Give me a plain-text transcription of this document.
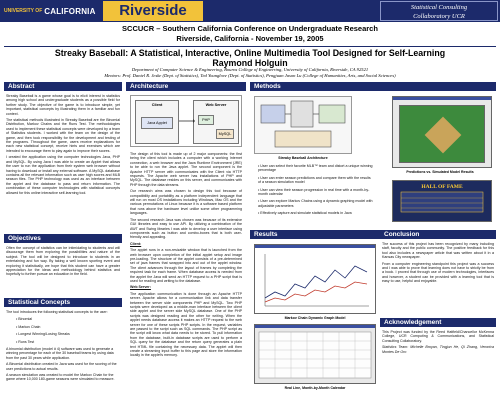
UNIVERSITY OF CALIFORNIA	Riverside	Statistical Consulting
Collaboratory UCR
SCCUCR – Southern California Conference on Undergraduate Research
Riverside, California - November 19, 2005
Streaky Baseball: A Statistical, Interactive, Online Multimedia Tool Designed for Self-Learning
Raymond Holguin
Department of Computer Science & Engineering, Bourns College of Engineering, University of California, Riverside, CA 92521
Mentors: Prof. Daniel R. Jeske (Dept. of Statistics), Ted Younglove (Dept. of Statistics), Pengjuan Jason Lu (College of Humanities, Arts, and Social Sciences)
Abstract

Streaky Baseball is a game whose goal is to elicit interest in statistics among high school and undergraduate students as a possible field for further study. The objective of the game is to introduce simple, yet important, statistical concepts by illustrating them in a familiar and fun context.

The statistical methods illustrated in Streaky Baseball are the Binomial Distribution, Markov Chains and the Runs Test. The methodologies used to implement these statistical concepts were developed by a team of Statistics students. I worked with the team on the design of the game, and then took responsibility for the development and testing of the programs. Throughout the game, users receive explanations for each new statistical concept, receive hints and exercises which are intended to encourage them to play again to improve their scores.

I created the application using the computer technologies Java, PHP and MySQL. By using Java I was able to create an Applet that allows the user to run the application from their system web browser without having to download or install any external software. A MySQL database contains all the relevant information such as user high scores and MLB season files. The PHP technology was used as an interface between the applet and the database to pass and return information. The combination of these computer technologies with statistical concepts allowed for this online interactive self-learning tool.

Objectives

Often the concept of statistics can be intimidating to students and will discourage them from exploring the possibilities and nature of the subject. The tool will be designed to introduce to students in an entertaining and fun way. By taking a well known sporting event and exploring it statistically, we hope that this student can have a greater appreciation for the ideas and methodology behind statistics and hopefully to further pursue an education in the field.

Statistical Concepts
The tool introduces the following statistical concepts to the user:
• Binomial
• Markov Chain
• Longest Winning/Losing Streaks
• Runs Test
A binomial distribution (model # 4) software was used to generate a winning percentage for each of the 30 baseball teams by using data from the past 30 years while application.
A Binomial distribution created in Java was used for the scoring of the user predictions to actual results.
A season simulation was created to model the Markov Chain for the game where 10,000 180-game seasons were simulated to measure.
Architecture
Client
Java Applet
Web Server
PHP
MySQL

The design of this tool is made up of 2 major components: the first being the client which includes a computer with a working Internet connection, a web browser and the Java Runtime Environment (JRE) to be able to run the Java applet. The second component is the Apache HTTP server with communicates with the Client via HTTP requests. The Apache web server has installations of PHP and MySQL. The database resides on this server, and communicates with PHP through the data streams.

Our research aims was chosen to design this tool because of compatibility and portability as a platform independent language that will run on most OS installations including Windows, Mac OS and the various permutations of Linux because it is a software based platform that runs above the hardware level unlike some other programming languages.

The second research Java was chosen was because of its extensive GUI libraries and easy to use API. By utilizing a combination of the AWT and Swing libraries I was able to develop a user interface using components such as button and combo-boxes that is both user-friendly and appealing.

Client:

The applet runs in a non-resizable window that is launched from the web browser upon completion of the initial applet setup and image pre-loading. The structure of the applet consists of a pre-determined set of java frames that swapped into and out of the applet window. The client advances through the layout of frames by completing the required task for each frame. When database access is needed from the applet the Java will send an HTTP request to a PHP script that is used for reading and writing to the database.

Web Server:

The application communication is done through an Apache HTTP server. Apache allows for a communication link and data transfer between the server side components PHP and MySQL. Two PHP scripts were developed as a middle-man interface between the client side applet and the server side MySQL database. One of the PHP scripts was designed reading and the other for writing. When the applet needs database access it makes an HTTP request to the web server for one of these scripts PHP scripts. In the request, variables are passed to the script such as SQL commands. The PHP script as the script will know what data needs to be stored. To pull information from the database, built-in database scripts are used to perform a SQL query for the database and the return query generates a plain text HTML file containing the necessary data. The applet will then create a streaming input buffer to this page and store the information locally in the applet's memory.

Methods
Streaky Baseball Architecture
Predictions vs. Simulated Model Results
• User can select their favorite MLB™ team and distort a unique winning percentage
• User can enter season predictions and compare them with the results of a season simulation model
• User can view their season progression in real time with a month-by-month calendar
• User can explore Markov Chains using a dynamic graphing model with adjustable parameters
• Effectively capture and simulate statistical models in Java
HALL OF FAME
Results
Markov Chain Dynamic Graph Model
Real Line, Month-by-Month Calendar
Conclusion

The success of this project has been recognized by many including staff, faculty and the public community. The positive feedback for this tool also includes a newspaper article that was written about it in a Kansas City newspaper.

From a computer engineering standpoint this project was a success and I was able to prove that learning does not have to strictly be from a book. I proved that through use of modern technologies, interfaces and however, a student can be provided with a learning tool that is easy to use, helpful and enjoyable.

Acknowledgement

This Project was funded by the Reed Hatfield/Chancellor McKenna College, UCR Computing & Communications, and Statistical Consulting Collaboratory.

Statistics Team: Michelle Broyan, Tingjun He, Qi Zhang, Veronica Montes De Oro
